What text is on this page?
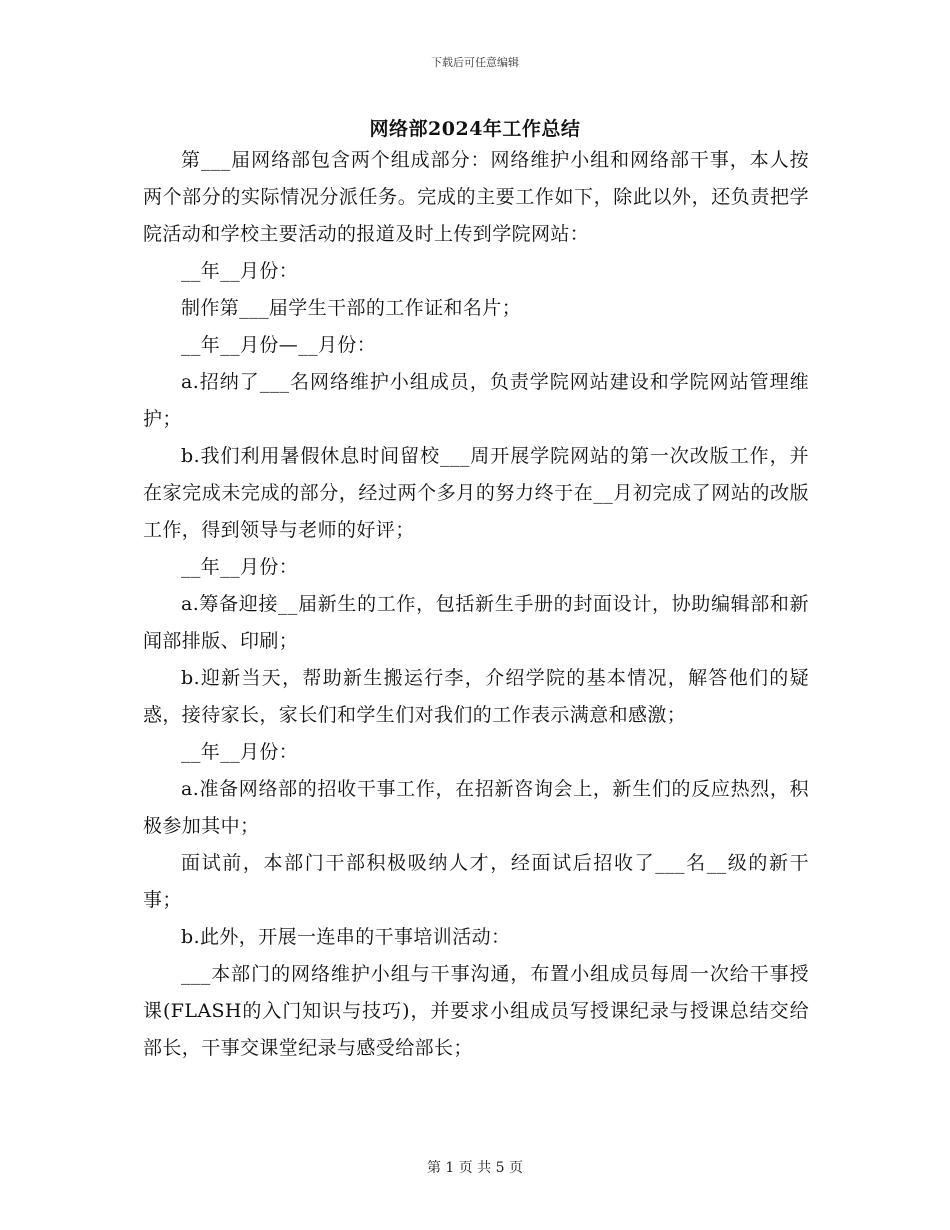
下载后可任意编辑
网络部2024年工作总结

第___届网络部包含两个组成部分：网络维护小组和网络部干事，本人按两个部分的实际情况分派任务。完成的主要工作如下，除此以外，还负责把学院活动和学校主要活动的报道及时上传到学院网站：

__年__月份：

制作第___届学生干部的工作证和名片；

__年__月份—__月份：

a.招纳了___名网络维护小组成员，负责学院网站建设和学院网站管理维护；

b.我们利用暑假休息时间留校___周开展学院网站的第一次改版工作，并在家完成未完成的部分，经过两个多月的努力终于在__月初完成了网站的改版工作，得到领导与老师的好评；

__年__月份：

a.筹备迎接__届新生的工作，包括新生手册的封面设计，协助编辑部和新闻部排版、印刷；

b.迎新当天，帮助新生搬运行李，介绍学院的基本情况，解答他们的疑惑，接待家长，家长们和学生们对我们的工作表示满意和感激；

__年__月份：

a.准备网络部的招收干事工作，在招新咨询会上，新生们的反应热烈，积极参加其中；

面试前，本部门干部积极吸纳人才，经面试后招收了___名__级的新干事；

b.此外，开展一连串的干事培训活动：

___本部门的网络维护小组与干事沟通，布置小组成员每周一次给干事授课(FLASH的入门知识与技巧)，并要求小组成员写授课纪录与授课总结交给部长，干事交课堂纪录与感受给部长；

第 1 页 共 5 页
